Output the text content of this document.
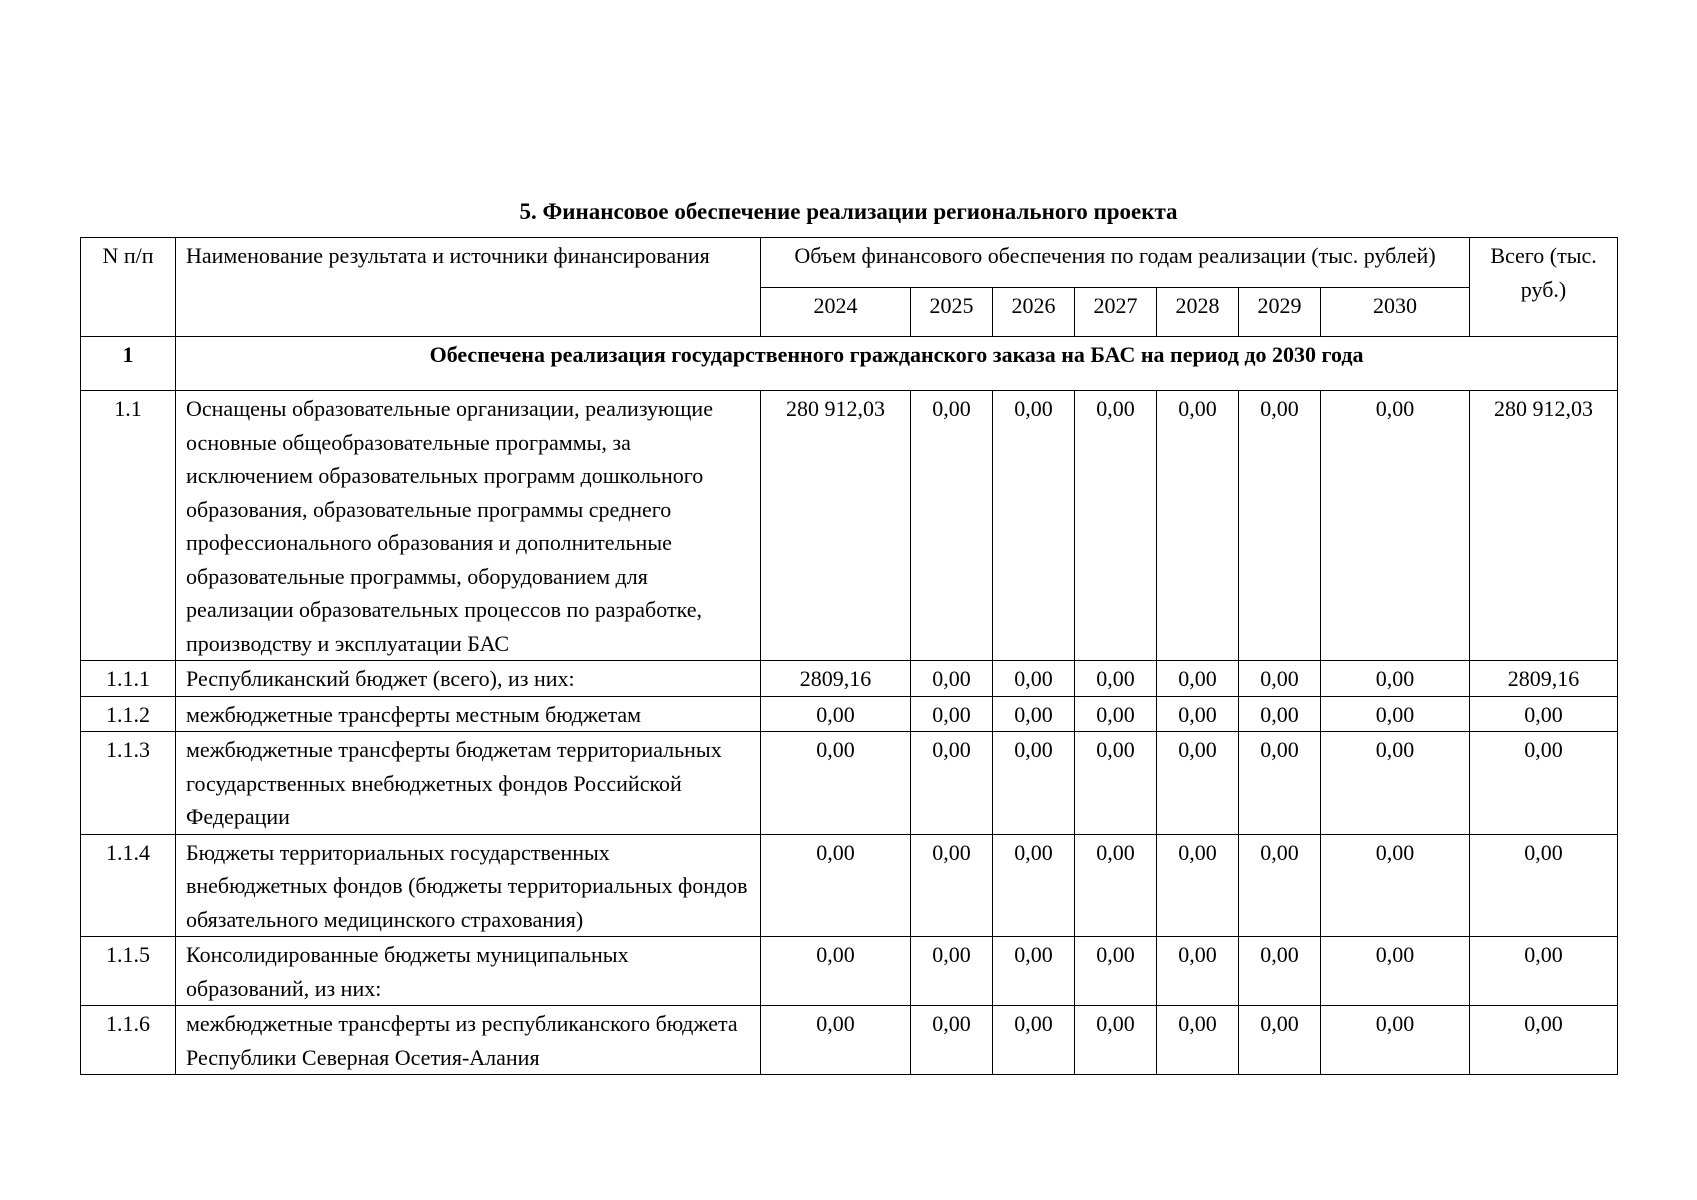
5. Финансовое обеспечение реализации регионального проекта
N п/п	Наименование результата и источники финансирования	Объем финансового обеспечения по годам реализации (тыс. рублей)							Всего (тыс. руб.)
		2024	2025	2026	2027	2028	2029	2030	
1	Обеспечена реализация государственного гражданского заказа на БАС на период до 2030 года								
1.1	Оснащены образовательные организации, реализующие основные общеобразовательные программы, за исключением образовательных программ дошкольного образования, образовательные программы среднего профессионального образования и дополнительные образовательные программы, оборудованием для реализации образовательных процессов по разработке, производству и эксплуатации БАС	280 912,03	0,00	0,00	0,00	0,00	0,00	0,00	280 912,03
1.1.1	Республиканский бюджет (всего), из них:	2809,16	0,00	0,00	0,00	0,00	0,00	0,00	2809,16
1.1.2	межбюджетные трансферты местным бюджетам	0,00	0,00	0,00	0,00	0,00	0,00	0,00	0,00
1.1.3	межбюджетные трансферты бюджетам территориальных государственных внебюджетных фондов Российской Федерации	0,00	0,00	0,00	0,00	0,00	0,00	0,00	0,00
1.1.4	Бюджеты территориальных государственных внебюджетных фондов (бюджеты территориальных фондов обязательного медицинского страхования)	0,00	0,00	0,00	0,00	0,00	0,00	0,00	0,00
1.1.5	Консолидированные бюджеты муниципальных образований, из них:	0,00	0,00	0,00	0,00	0,00	0,00	0,00	0,00
1.1.6	межбюджетные трансферты из республиканского бюджета Республики Северная Осетия-Алания	0,00	0,00	0,00	0,00	0,00	0,00	0,00	0,00
